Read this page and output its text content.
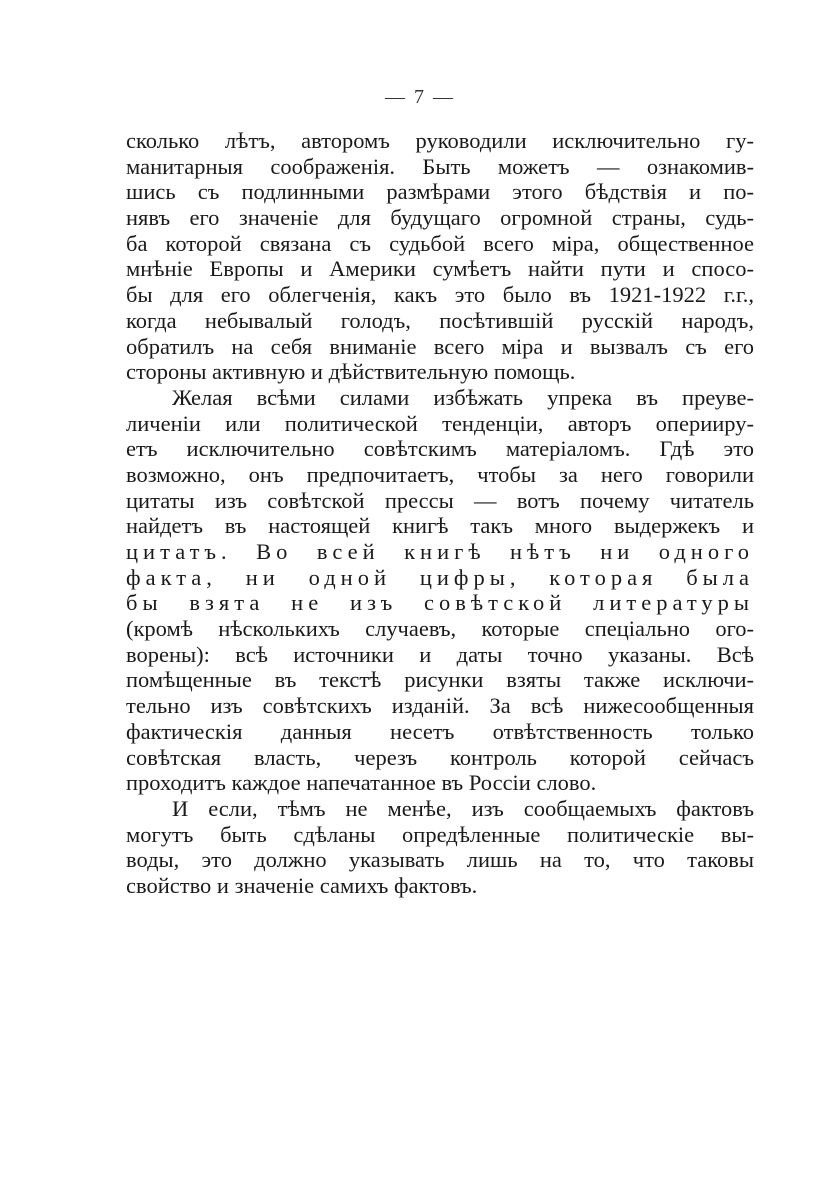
— 7 —
сколько лѣтъ, авторомъ руководили исключительно гу-
манитарныя соображенія. Быть можетъ — ознакомив-
шись съ подлинными размѣрами этого бѣдствія и по-
нявъ его значеніе для будущаго огромной страны, судь-
ба которой связана съ судьбой всего міра, общественное
мнѣніе Европы и Америки сумѣетъ найти пути и спосо-
бы для его облегченія, какъ это было въ 1921-1922 г.г.,
когда небывалый голодъ, посѣтившій русскій народъ,
обратилъ на себя вниманіе всего міра и вызвалъ съ его
стороны активную и дѣйствительную помощь.
Желая всѣми силами избѣжать упрека въ преуве-
личеніи или политической тенденціи, авторъ оперииру-
етъ исключительно совѣтскимъ матеріаломъ. Гдѣ это
возможно, онъ предпочитаетъ, чтобы за него говорили
цитаты изъ совѣтской прессы — вотъ почему читатель
найдетъ въ настоящей книгѣ такъ много выдержекъ и
цитатъ. Во всей книгѣ нѣтъ ни одного
факта, ни одной цифры, которая была
бы взята не изъ совѣтской литературы
(кромѣ нѣсколькихъ случаевъ, которые спеціально ого-
ворены): всѣ источники и даты точно указаны. Всѣ
помѣщенные въ текстѣ рисунки взяты также исключи-
тельно изъ совѣтскихъ изданій. За всѣ нижесообщенныя
фактическія данныя несетъ отвѣтственность только
совѣтская власть, черезъ контроль которой сейчасъ
проходитъ каждое напечатанное въ Россіи слово.
И если, тѣмъ не менѣе, изъ сообщаемыхъ фактовъ
могутъ быть сдѣланы опредѣленные политическіе вы-
воды, это должно указывать лишь на то, что таковы
свойство и значеніе самихъ фактовъ.
